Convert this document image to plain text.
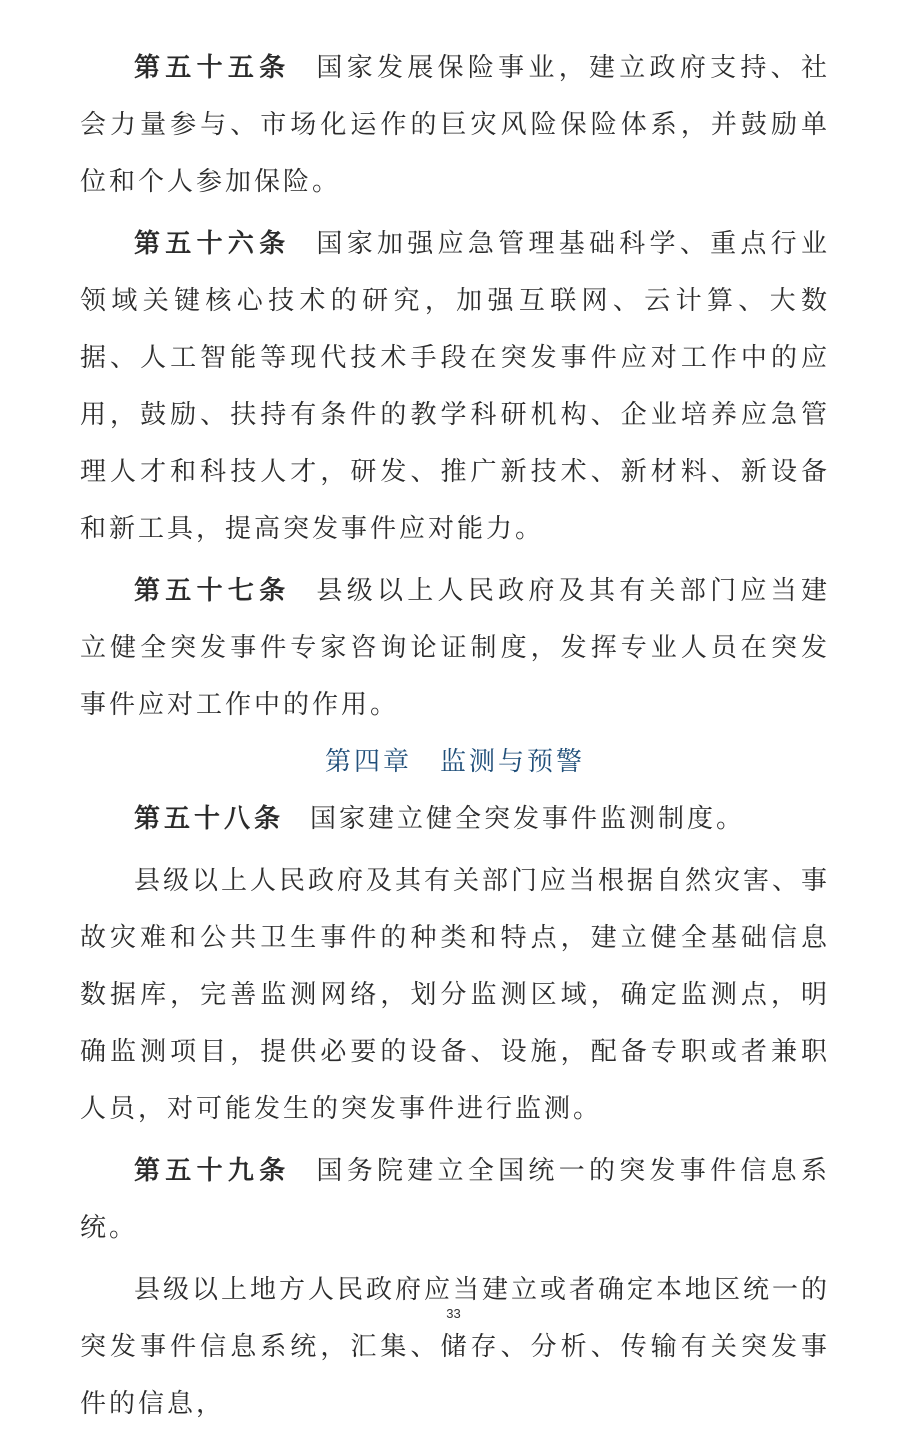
第五十五条 国家发展保险事业，建立政府支持、社会力量参与、市场化运作的巨灾风险保险体系，并鼓励单位和个人参加保险。

第五十六条 国家加强应急管理基础科学、重点行业领域关键核心技术的研究，加强互联网、云计算、大数据、人工智能等现代技术手段在突发事件应对工作中的应用，鼓励、扶持有条件的教学科研机构、企业培养应急管理人才和科技人才，研发、推广新技术、新材料、新设备和新工具，提高突发事件应对能力。

第五十七条 县级以上人民政府及其有关部门应当建立健全突发事件专家咨询论证制度，发挥专业人员在突发事件应对工作中的作用。

第四章 监测与预警

第五十八条 国家建立健全突发事件监测制度。

县级以上人民政府及其有关部门应当根据自然灾害、事故灾难和公共卫生事件的种类和特点，建立健全基础信息数据库，完善监测网络，划分监测区域，确定监测点，明确监测项目，提供必要的设备、设施，配备专职或者兼职人员，对可能发生的突发事件进行监测。

第五十九条 国务院建立全国统一的突发事件信息系统。

县级以上地方人民政府应当建立或者确定本地区统一的突发事件信息系统，汇集、储存、分析、传输有关突发事件的信息，

33
